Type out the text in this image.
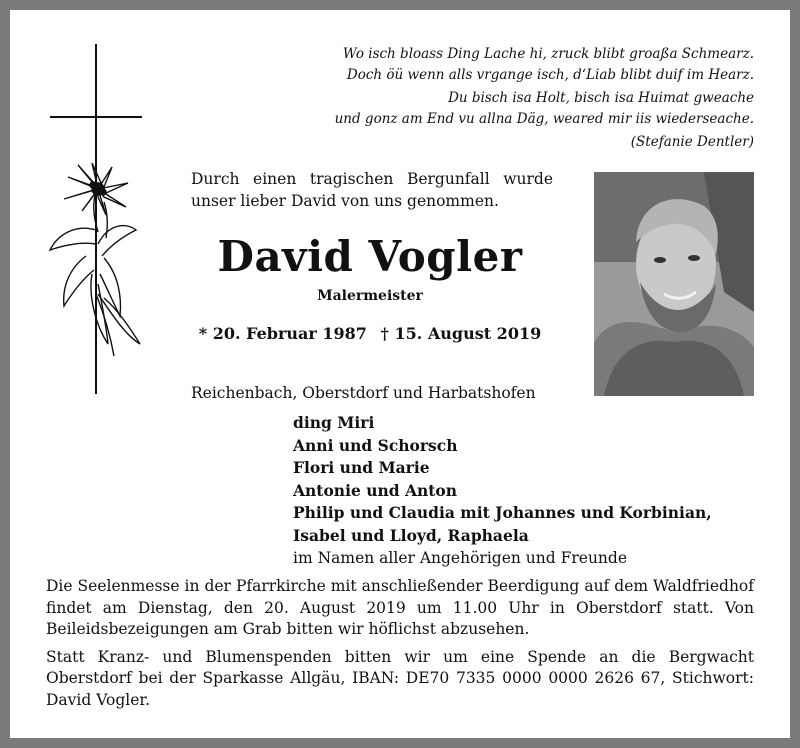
Wo isch bloass Ding Lache hi, zruck blibt groaßa Schmearz.
Doch öü wenn alls vrgange isch, d‘Liab blibt duif im Hearz.
Du bisch isa Holt, bisch isa Huimat gweache
und gonz am End vu allna Däg, weared mir iis wiederseache.
(Stefanie Dentler)
Durch einen tragischen Bergunfall wurde
unser lieber David von uns genommen.
David Vogler
Malermeister
* 20. Februar 1987 † 15. August 2019
Reichenbach, Oberstdorf und Harbatshofen
ding Miri
Anni und Schorsch
Flori und Marie
Antonie und Anton
Philip und Claudia mit Johannes und Korbinian,
Isabel und Lloyd, Raphaela
im Namen aller Angehörigen und Freunde

Die Seelenmesse in der Pfarrkirche mit anschließender Beerdigung auf dem Waldfriedhof findet am Dienstag, den 20. August 2019 um 11.00 Uhr in Oberstdorf statt. Von Beileidsbezeigungen am Grab bitten wir höflichst abzusehen.

Statt Kranz- und Blumenspenden bitten wir um eine Spende an die Bergwacht Oberstdorf bei der Sparkasse Allgäu, IBAN: DE70 7335 0000 0000 2626 67, Stichwort: David Vogler.
